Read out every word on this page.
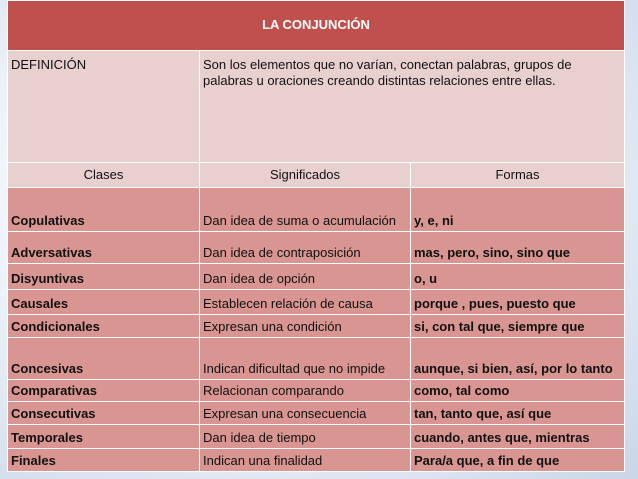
LA CONJUNCIÓN		
DEFINICIÓN	Son los elementos que no varían, conectan palabras, grupos de palabras u oraciones creando distintas relaciones entre ellas.	
Clases	Significados	Formas
Copulativas	Dan idea de suma o acumulación	y, e, ni
Adversativas	Dan idea de contraposición	mas, pero, sino, sino que
Disyuntivas	Dan idea de opción	o, u
Causales	Establecen relación de causa	porque , pues, puesto que
Condicionales	Expresan una condición	si, con tal que, siempre que
Concesivas	Indican dificultad que no impide	aunque, si bien, así, por lo tanto
Comparativas	Relacionan comparando	como, tal como
Consecutivas	Expresan una consecuencia	tan, tanto que, así que
Temporales	Dan idea de tiempo	cuando, antes que, mientras
Finales	Indican una finalidad	Para/a que, a fin de que
